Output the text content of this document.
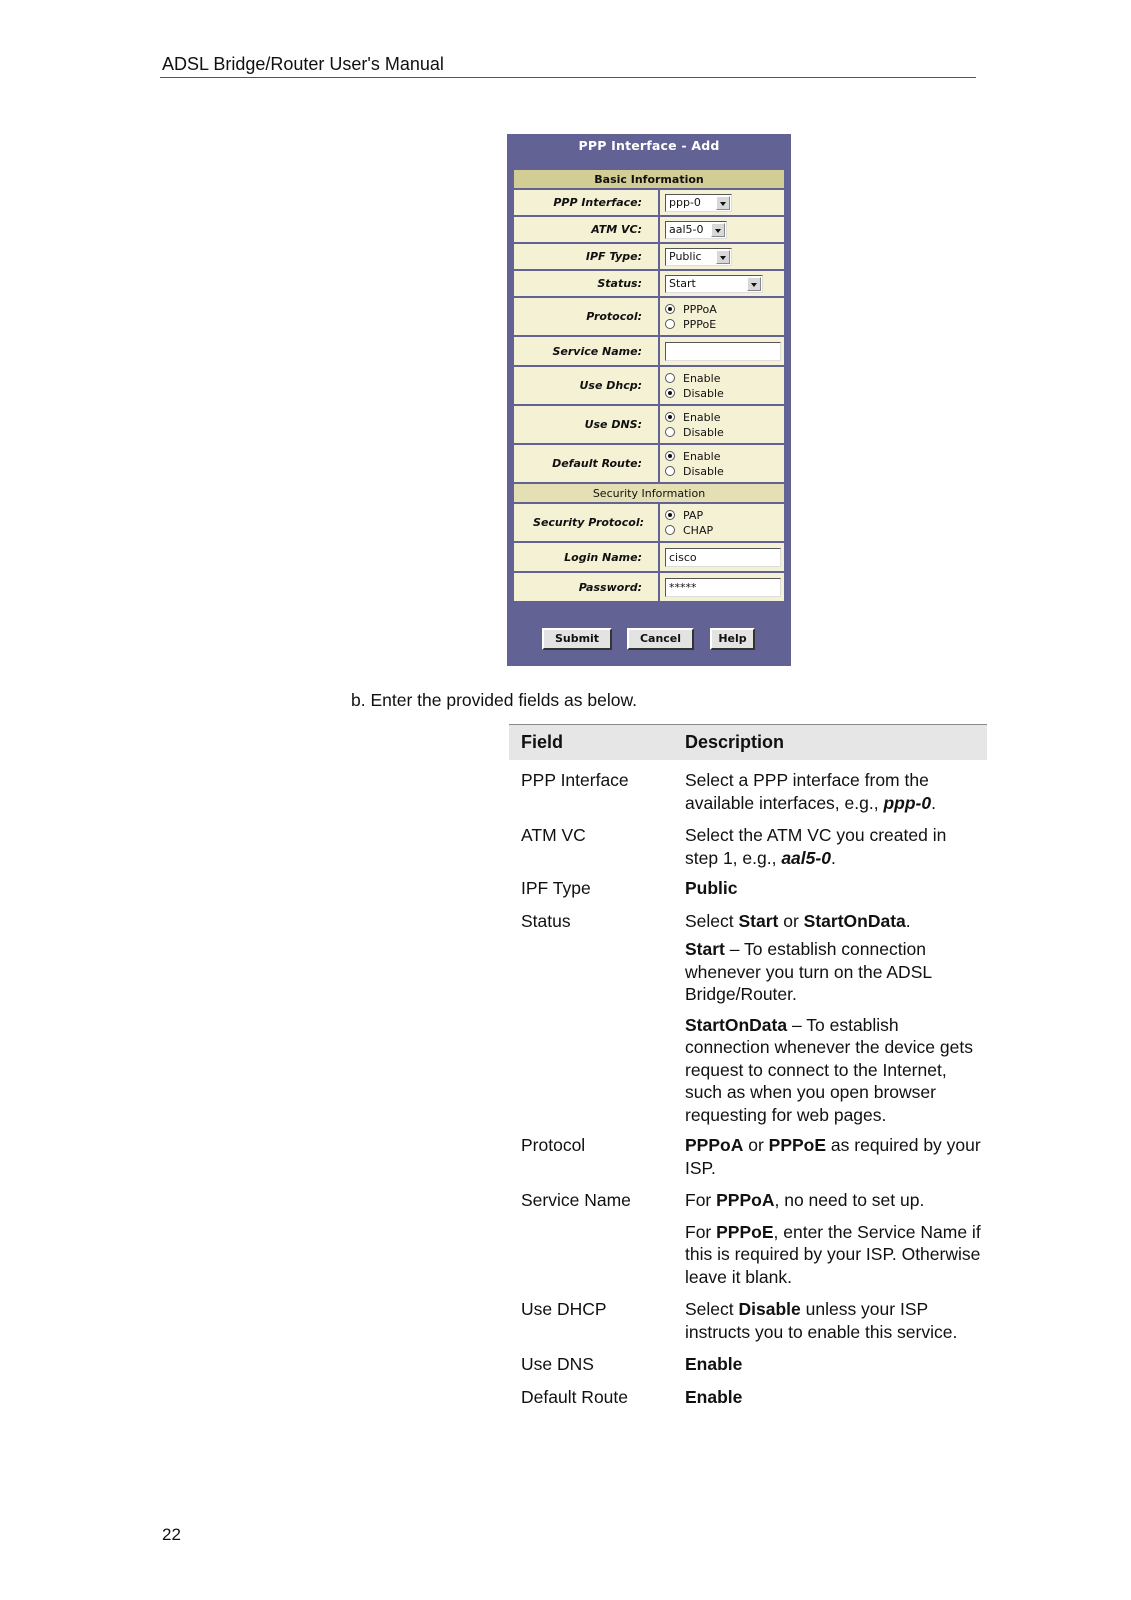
ADSL Bridge/Router User's Manual
PPP Interface - Add
Basic Information
PPP Interface:	ppp-0
ATM VC:	aal5-0
IPF Type:	Public
Status:	Start
Protocol:
PPPoA
PPPoE
Service Name:
Use Dhcp:
Enable
Disable
Use DNS:
Enable
Disable
Default Route:
Enable
Disable
Security Information
Security Protocol:
PAP
CHAP
Login Name:	cisco
Password:	*****
Submit	Cancel	Help
b. Enter the provided fields as below.
Field	Description
PPP Interface	Select a PPP interface from the available interfaces, e.g., ppp-0.
ATM VC	Select the ATM VC you created in step 1, e.g., aal5-0.
IPF Type	Public
Status	Select Start or StartOnData.
Start – To establish connection whenever you turn on the ADSL Bridge/Router.
StartOnData – To establish connection whenever the device gets request to connect to the Internet, such as when you open browser requesting for web pages.
Protocol	PPPoA or PPPoE as required by your ISP.
Service Name	For PPPoA, no need to set up.
For PPPoE, enter the Service Name if this is required by your ISP. Otherwise leave it blank.
Use DHCP	Select Disable unless your ISP instructs you to enable this service.
Use DNS	Enable
Default Route	Enable
22
